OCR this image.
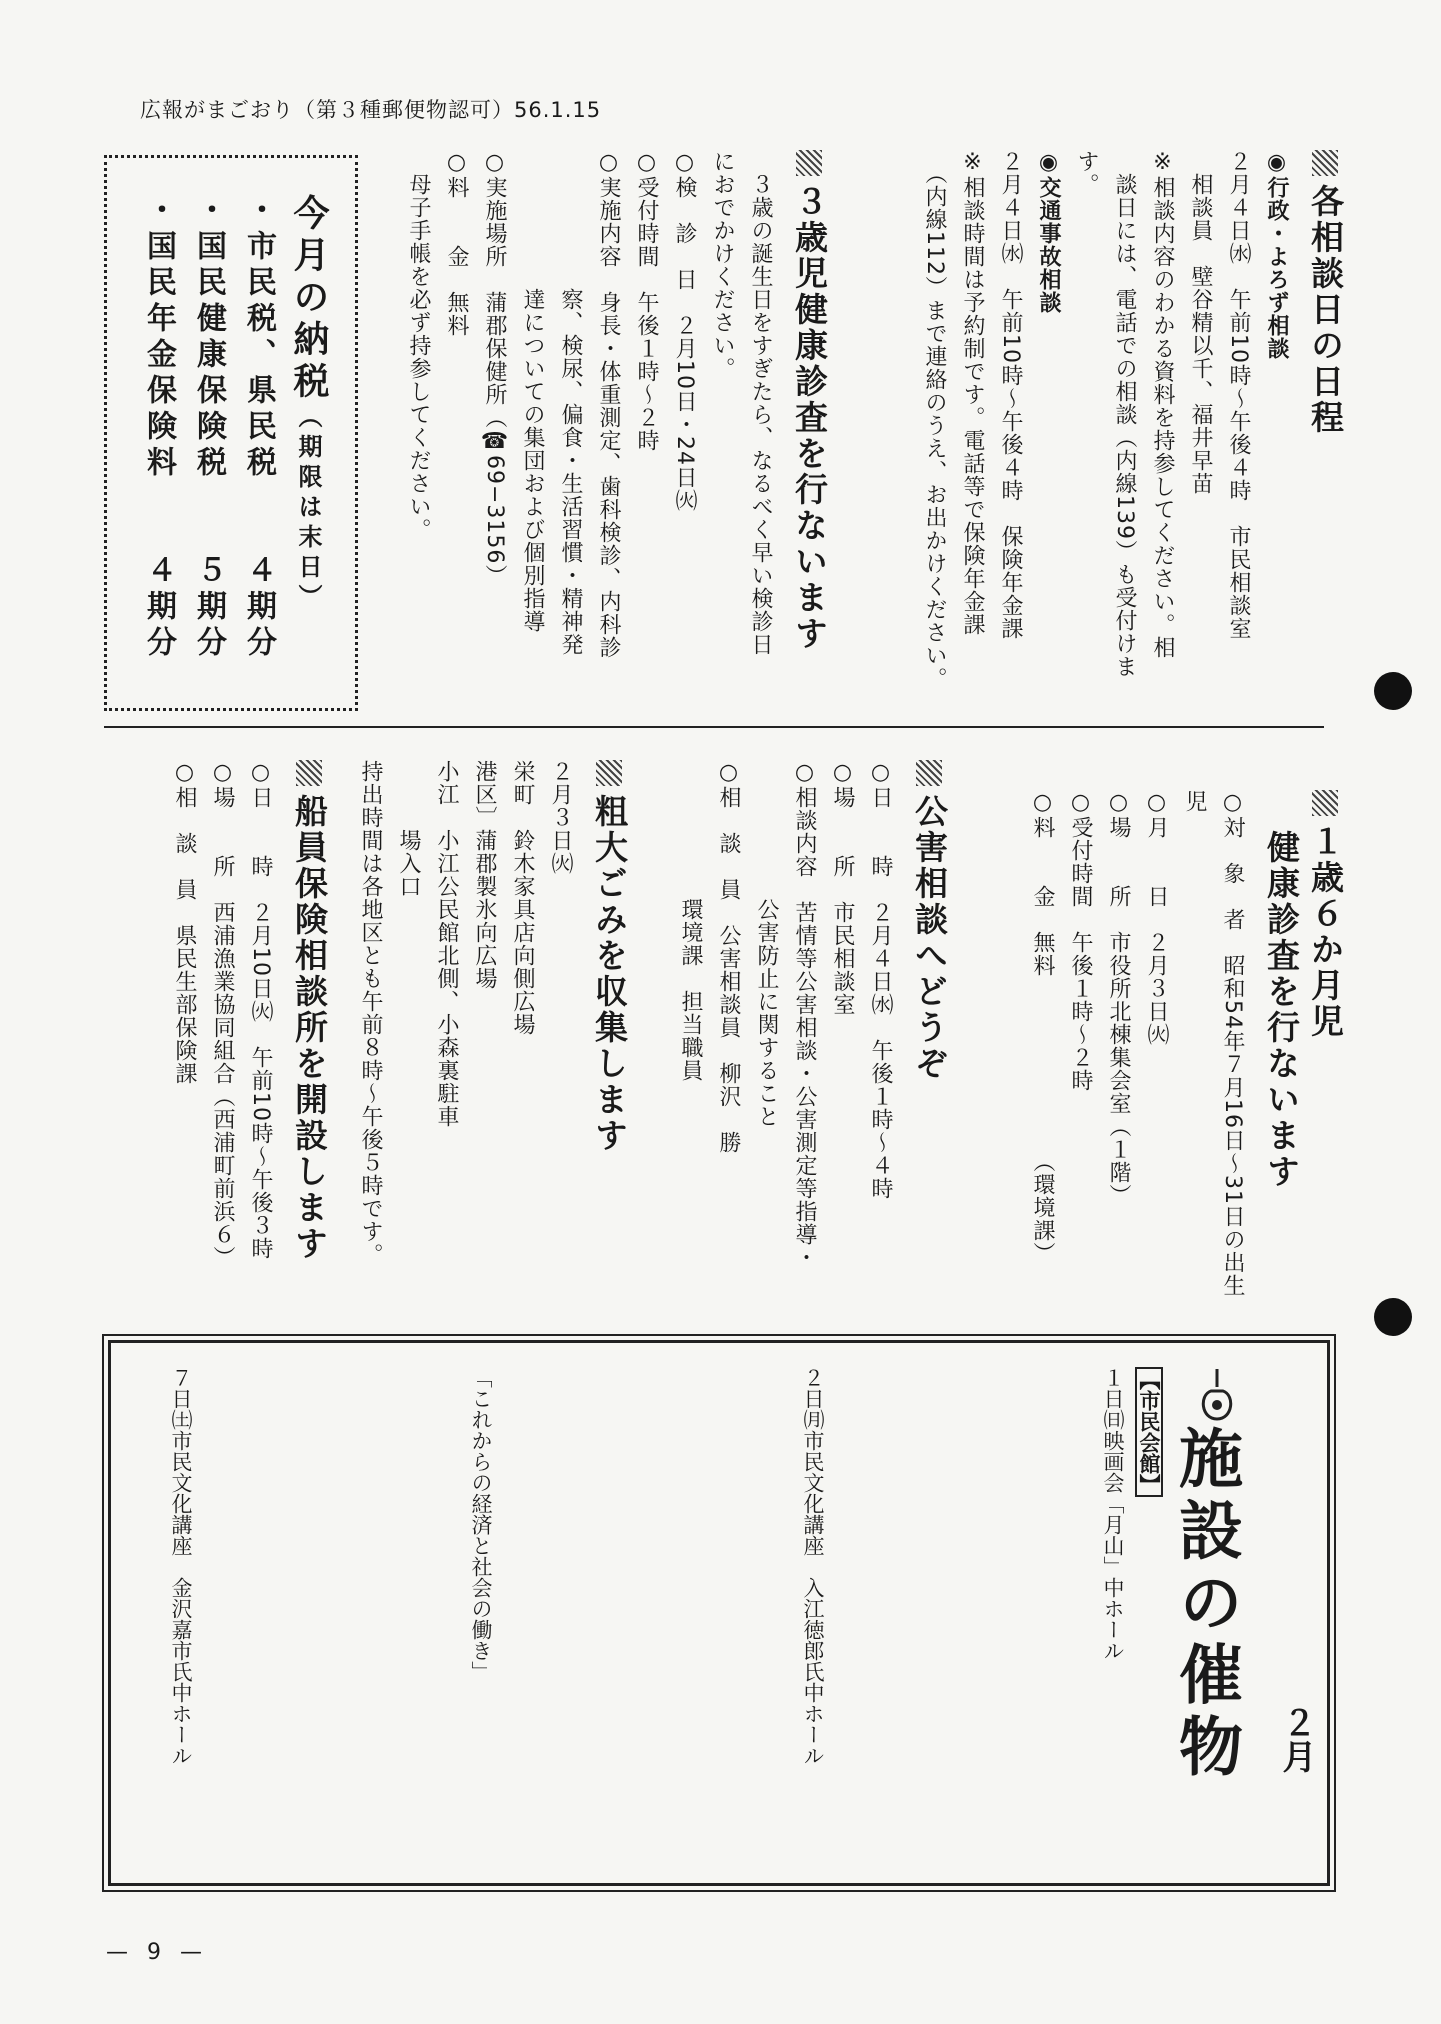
広報がまごおり（第３種郵便物認可）56.1.15
各相談日の日程

◉行政・よろず相談

２月４日㈬　午前10時〜午後４時　市民相談室

　相談員　壁谷精以千、福井早苗

※相談内容のわかる資料を持参してください。相

　談日には、電話での相談（内線139）も受付けます。

◉交通事故相談

２月４日㈬　午前10時〜午後４時　保険年金課

※相談時間は予約制です。電話等で保険年金課

　（内線112）まで連絡のうえ、お出かけください。

３歳児健康診査を行ないます

　３歳の誕生日をすぎたら、なるべく早い検診日

におでかけください。

○検　診　日　２月10日・24日㈫

○受付時間　午後１時〜２時

○実施内容　身長・体重測定、歯科検診、内科診

　　　　　　察、検尿、偏食・生活習慣・精神発

　　　　　　達についての集団および個別指導

○実施場所　蒲郡保健所（☎69−3156）

○料　　金　無料

　母子手帳を必ず持参してください。

今月の納税（期限は末日）

・市民税、県民税　　４期分

・国民健康保険税　　５期分

・国民年金保険料　　４期分

１歳６か月児
健康診査を行ないます

○対　象　者　昭和54年７月16日〜31日の出生児

○月　　日　２月３日㈫

○場　　所　市役所北棟集会室（１階）

○受付時間　午後１時〜２時

○料　　金　無料　　　　　　　　（環境課）

公害相談へどうぞ

○日　　時　２月４日㈬　午後１時〜４時

○場　　所　市民相談室

○相談内容　苦情等公害相談・公害測定等指導・

　　　　　　公害防止に関すること

○相　談　員　公害相談員　柳沢　勝

　　　　　　環境課　担当職員

粗大ごみを収集します

２月３日㈫

栄町　鈴木家具店向側広場

港区〕蒲郡製氷向広場

小江　小江公民館北側、小森裏駐車

　　　場入口

持出時間は各地区とも午前８時〜午後５時です。

船員保険相談所を開設します

○日　　時　２月10日㈫　午前10時〜午後３時

○場　　所　西浦漁業協同組合（西浦町前浜６）

○相　談　員　県民生部保険課

施設の催物 ２月

【市民会館】

１日㈰映画会「月山」中ホール

２日㈪市民文化講座　入江徳郎氏中ホール

「これからの経済と社会の働き」

７日㈯市民文化講座　金沢嘉市氏中ホール

— 9 —
